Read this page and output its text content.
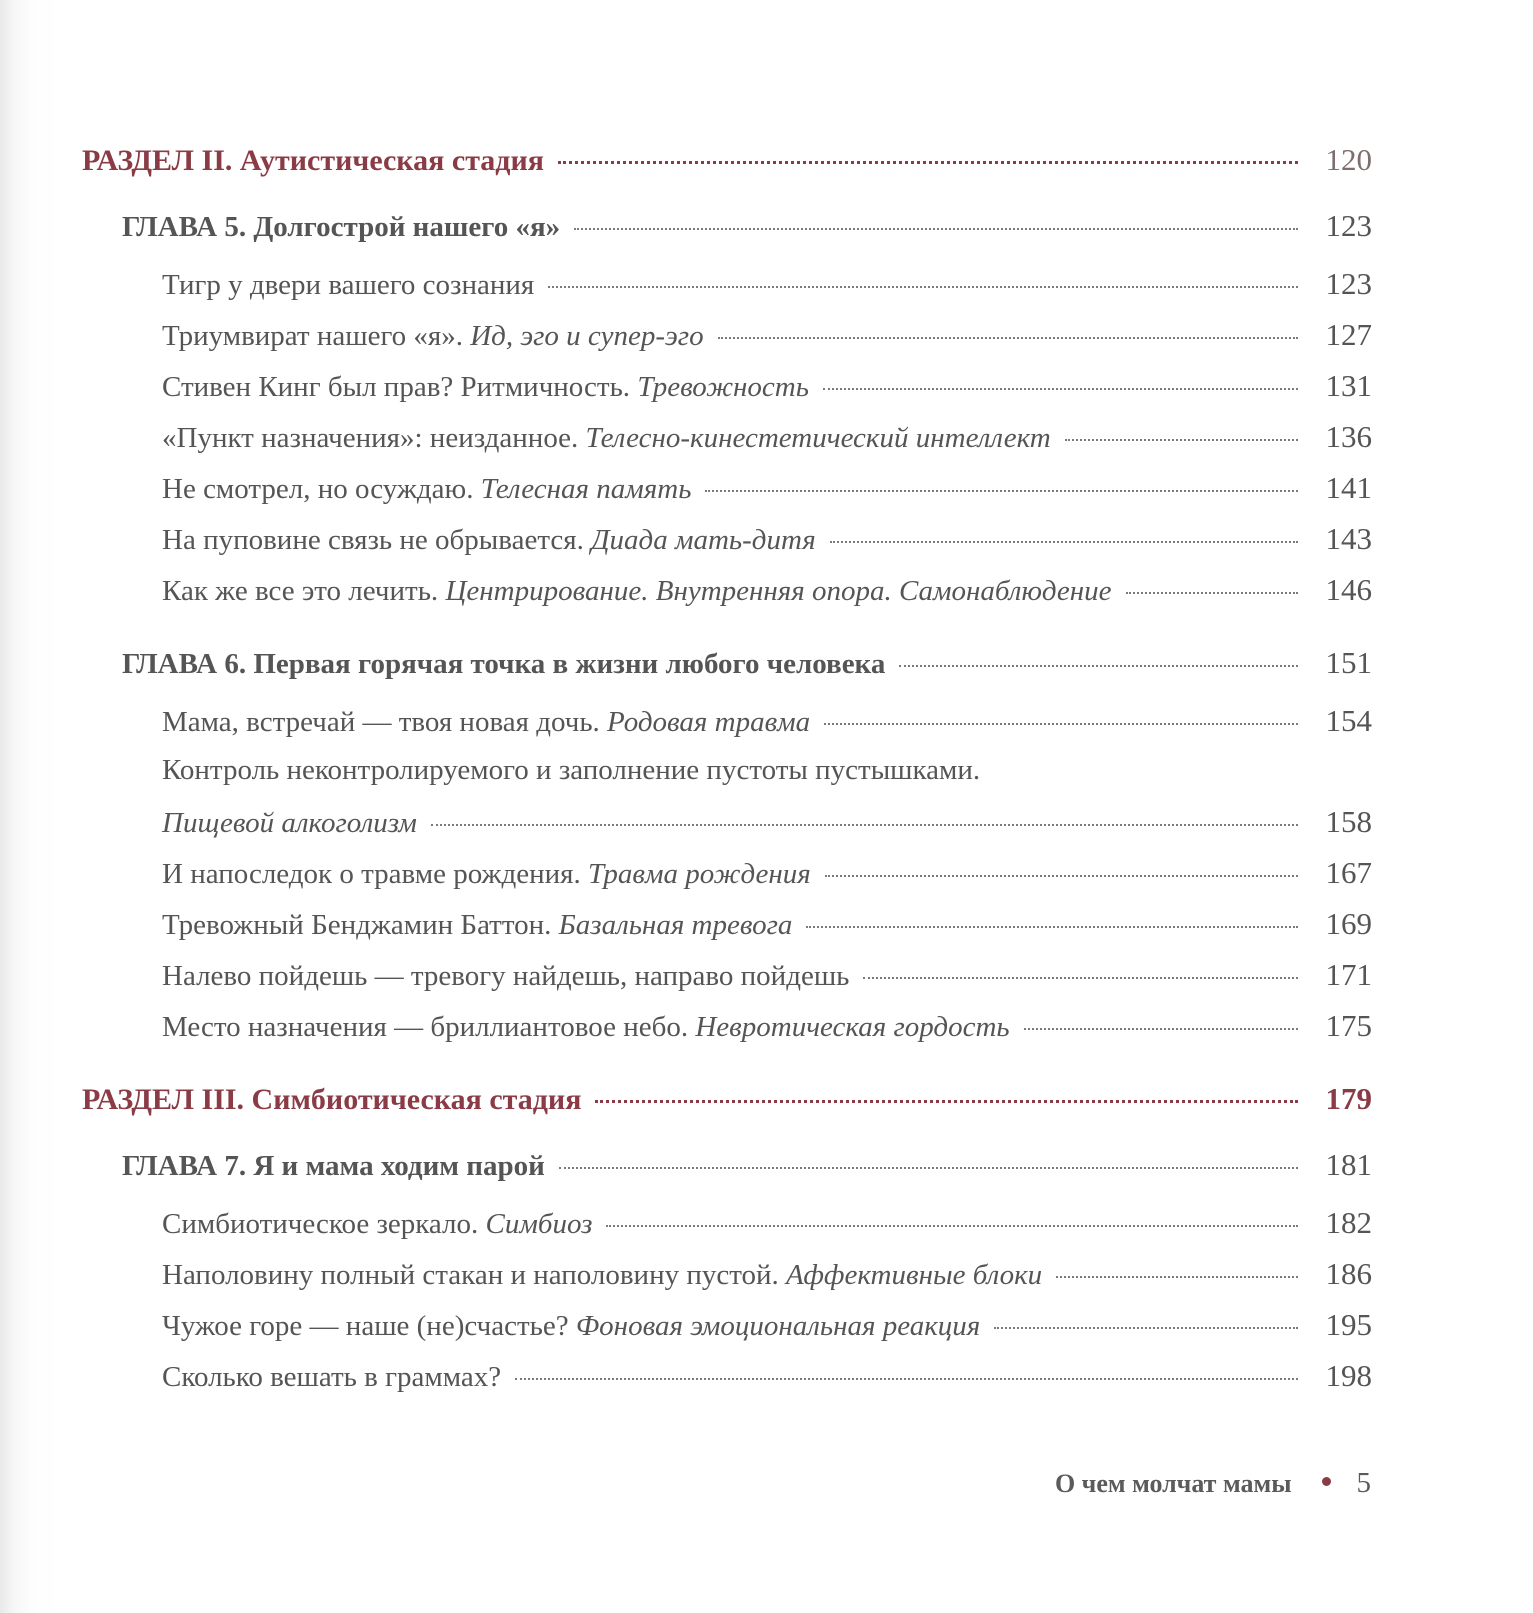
РАЗДЕЛ II. Аутистическая стадия	120
ГЛАВА 5. Долгострой нашего «я»	123
Тигр у двери вашего сознания	123
Триумвират нашего «я». Ид, эго и супер-эго	127
Стивен Кинг был прав? Ритмичность. Тревожность	131
«Пункт назначения»: неизданное. Телесно-кинестетический интеллект	136
Не смотрел, но осуждаю. Телесная память	141
На пуповине связь не обрывается. Диада мать-дитя	143
Как же все это лечить. Центрирование. Внутренняя опора. Самонаблюдение	146
ГЛАВА 6. Первая горячая точка в жизни любого человека	151
Мама, встречай — твоя новая дочь. Родовая травма	154
Контроль неконтролируемого и заполнение пустоты пустышками.
Пищевой алкоголизм	158
И напоследок о травме рождения. Травма рождения	167
Тревожный Бенджамин Баттон. Базальная тревога	169
Налево пойдешь — тревогу найдешь, направо пойдешь	171
Место назначения — бриллиантовое небо. Невротическая гордость	175
РАЗДЕЛ III. Симбиотическая стадия	179
ГЛАВА 7. Я и мама ходим парой	181
Симбиотическое зеркало. Симбиоз	182
Наполовину полный стакан и наполовину пустой. Аффективные блоки	186
Чужое горе — наше (не)счастье? Фоновая эмоциональная реакция	195
Сколько вешать в граммах?	198
О чем молчат мамы 5
